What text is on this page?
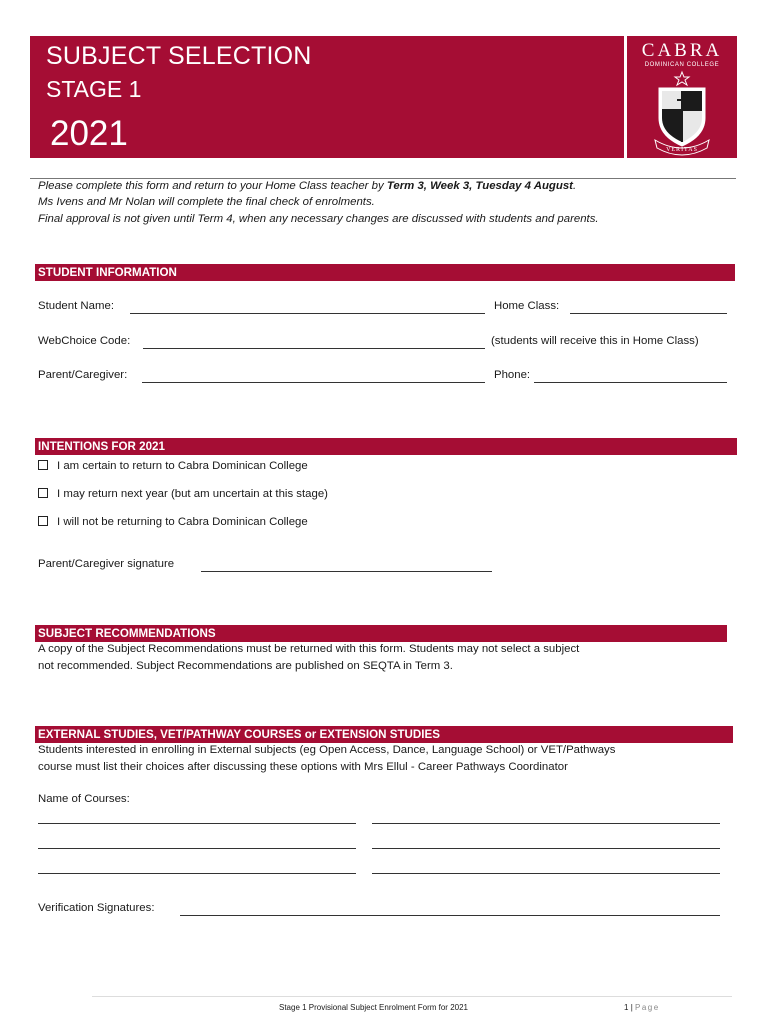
SUBJECT SELECTION
STAGE 1
2021
CABRA
DOMINICAN COLLEGE
VERITAS
Please complete this form and return to your Home Class teacher by Term 3, Week 3, Tuesday 4 August.
Ms Ivens and Mr Nolan will complete the final check of enrolments.
Final approval is not given until Term 4, when any necessary changes are discussed with students and parents.
STUDENT INFORMATION
Student Name:	Home Class:
WebChoice Code:	(students will receive this in Home Class)
Parent/Caregiver:	Phone:
INTENTIONS FOR 2021
I am certain to return to Cabra Dominican College
I may return next year (but am uncertain at this stage)
I will not be returning to Cabra Dominican College
Parent/Caregiver signature
SUBJECT RECOMMENDATIONS
A copy of the Subject Recommendations must be returned with this form. Students may not select a subject
not recommended. Subject Recommendations are published on SEQTA in Term 3.
EXTERNAL STUDIES, VET/PATHWAY COURSES or EXTENSION STUDIES
Students interested in enrolling in External subjects (eg Open Access, Dance, Language School) or VET/Pathways
course must list their choices after discussing these options with Mrs Ellul - Career Pathways Coordinator
Name of Courses:
Verification Signatures:
Stage 1 Provisional Subject Enrolment Form for 2021	1 | Page
